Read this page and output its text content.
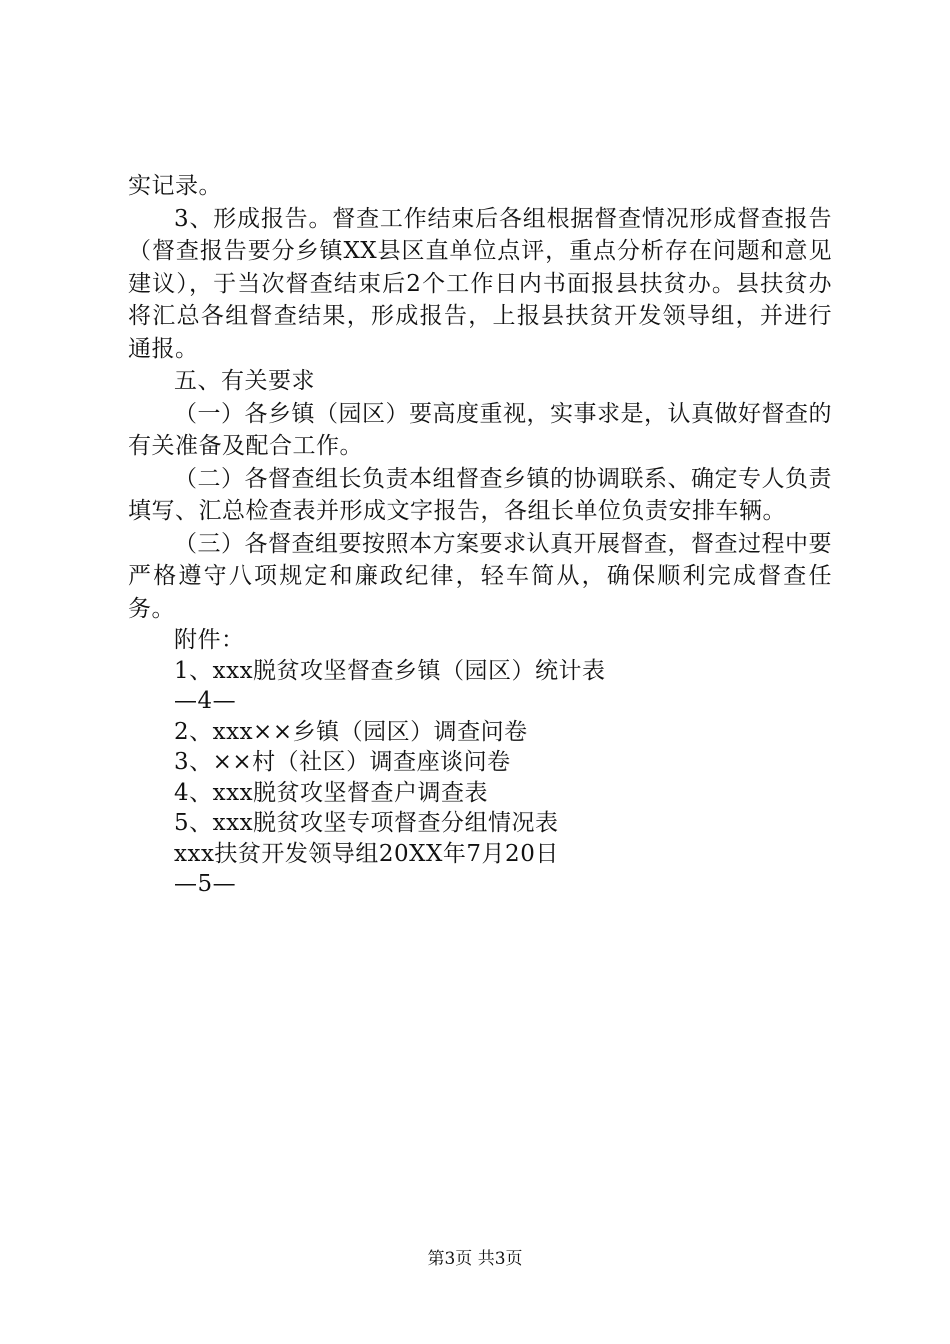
实记录。

3、形成报告。督查工作结束后各组根据督查情况形成督查报告（督查报告要分乡镇XX县区直单位点评，重点分析存在问题和意见建议），于当次督查结束后2个工作日内书面报县扶贫办。县扶贫办将汇总各组督查结果，形成报告，上报县扶贫开发领导组，并进行通报。

五、有关要求

（一）各乡镇（园区）要高度重视，实事求是，认真做好督查的有关准备及配合工作。

（二）各督查组长负责本组督查乡镇的协调联系、确定专人负责填写、汇总检查表并形成文字报告，各组长单位负责安排车辆。

（三）各督查组要按照本方案要求认真开展督查，督查过程中要严格遵守八项规定和廉政纪律，轻车简从，确保顺利完成督查任务。

附件：

1、xxx脱贫攻坚督查乡镇（园区）统计表

—4—

2、xxx××乡镇（园区）调查问卷

3、××村（社区）调查座谈问卷

4、xxx脱贫攻坚督查户调查表

5、xxx脱贫攻坚专项督查分组情况表

xxx扶贫开发领导组20XX年7月20日

—5—

第3页 共3页
